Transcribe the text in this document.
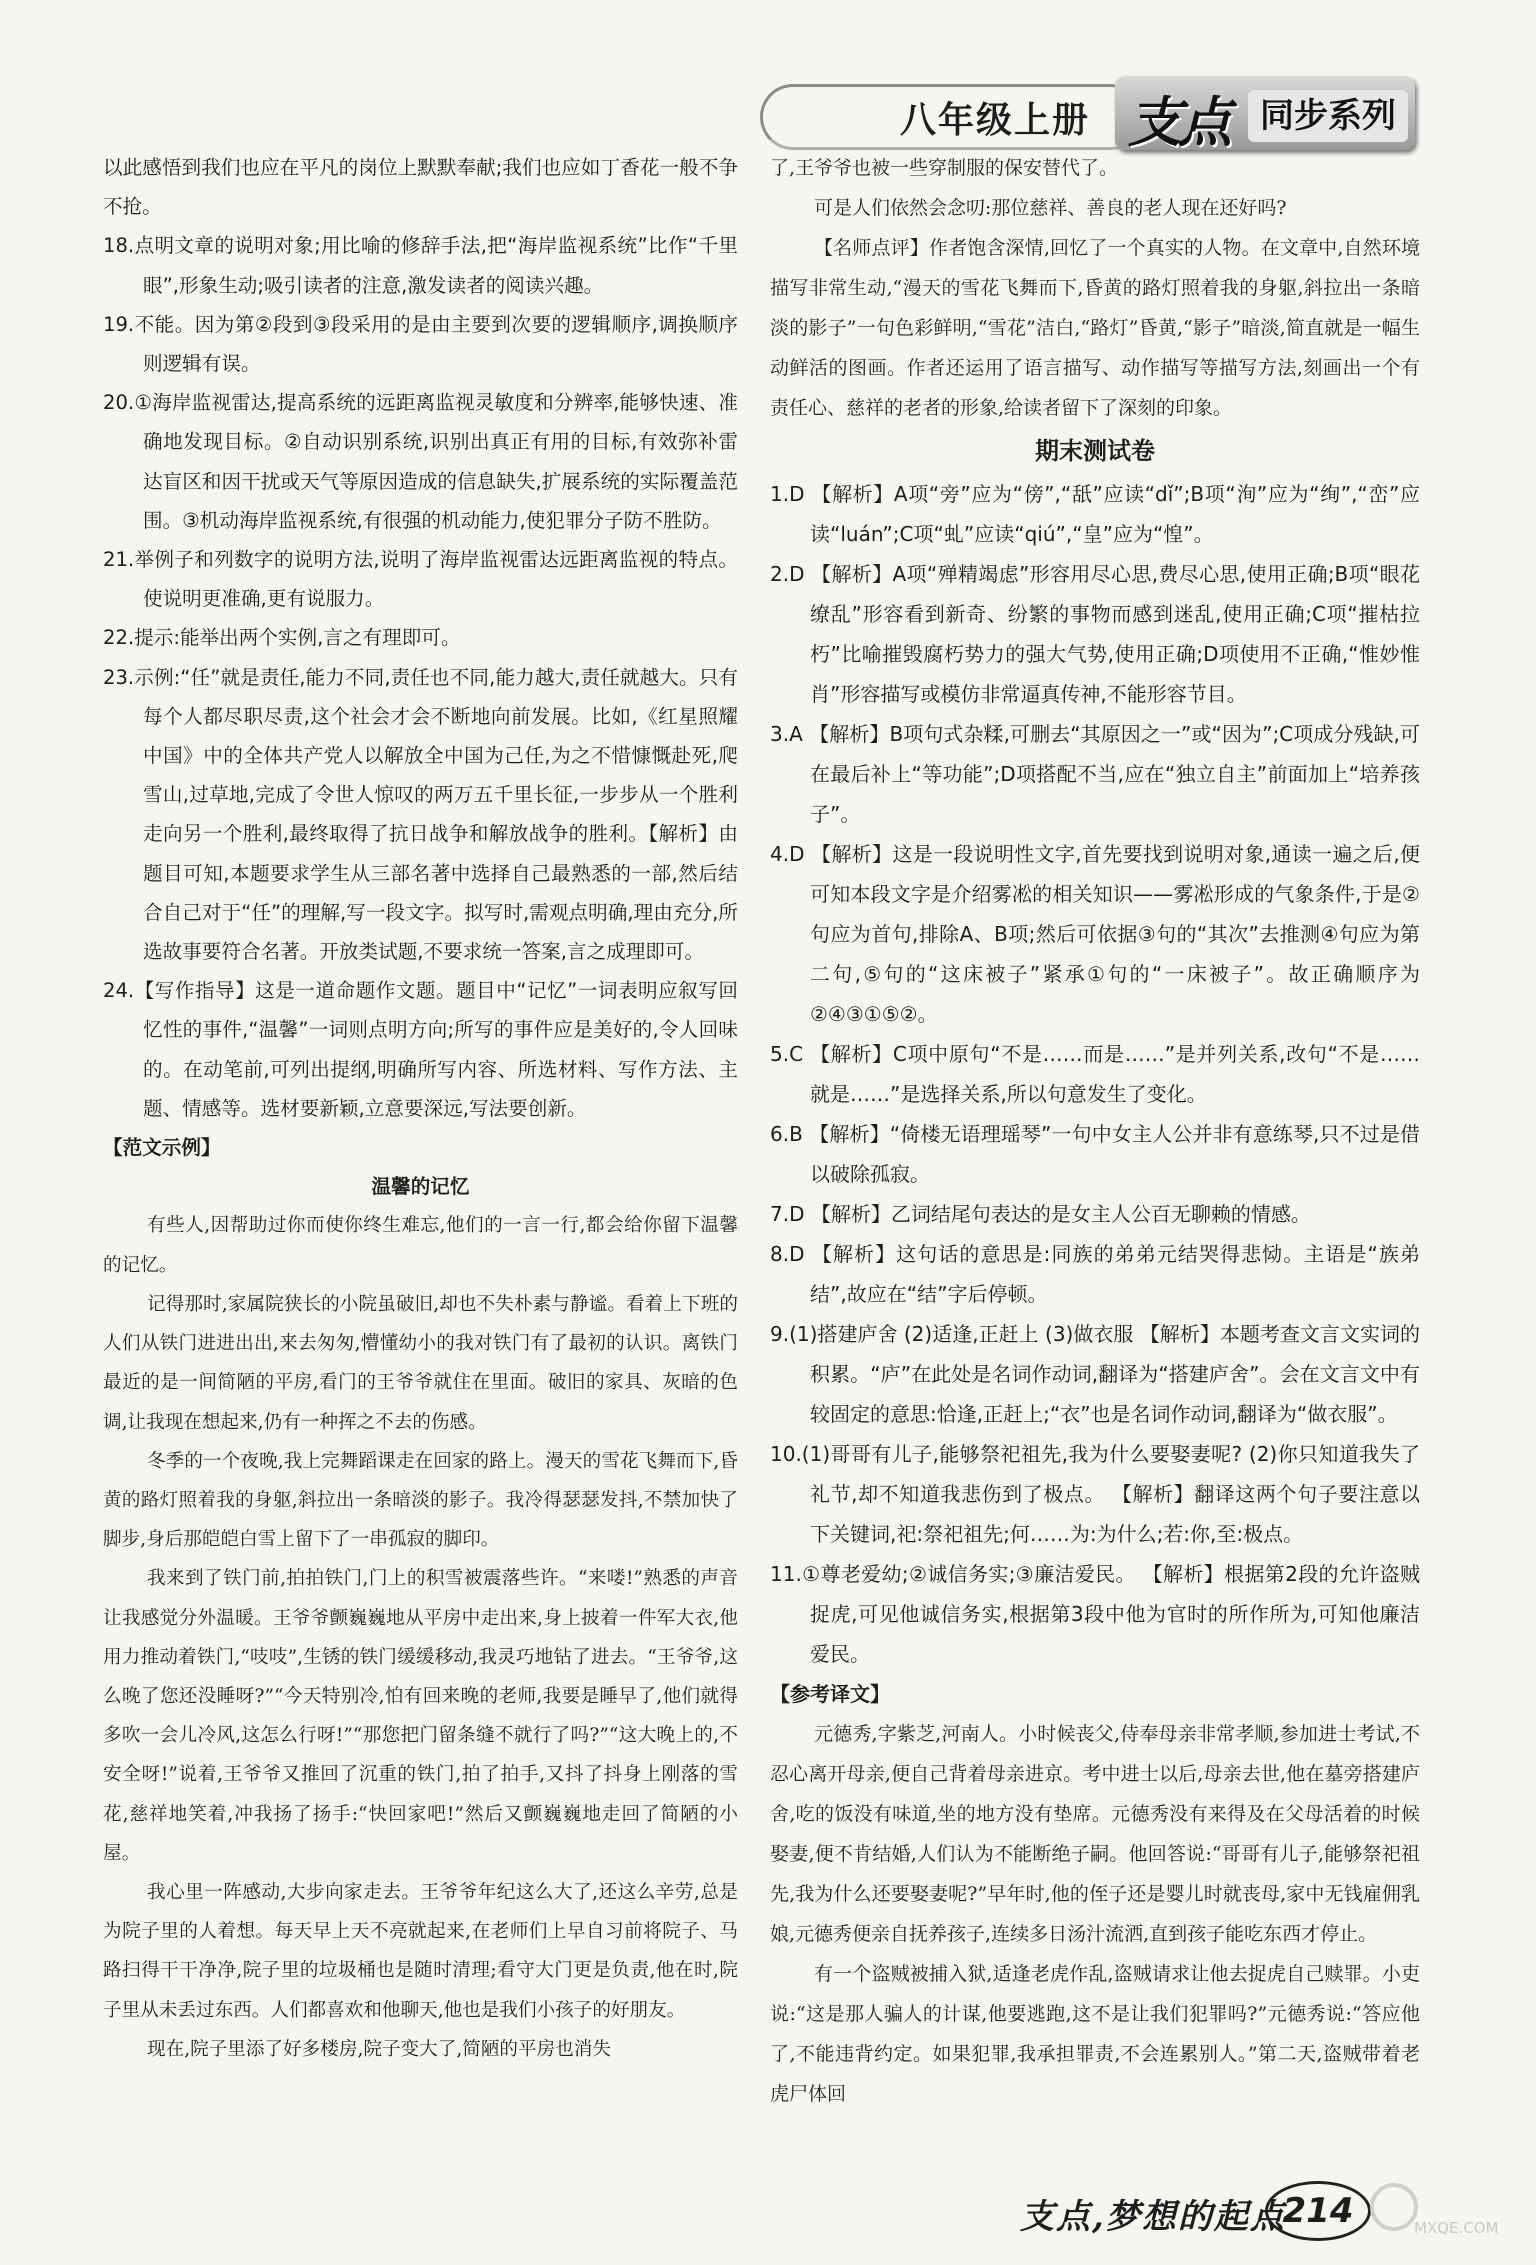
八年级上册 支点 同步系列

以此感悟到我们也应在平凡的岗位上默默奉献;我们也应如丁香花一般不争不抢。

18.点明文章的说明对象;用比喻的修辞手法,把“海岸监视系统”比作“千里眼”,形象生动;吸引读者的注意,激发读者的阅读兴趣。

19.不能。因为第②段到③段采用的是由主要到次要的逻辑顺序,调换顺序则逻辑有误。

20.①海岸监视雷达,提高系统的远距离监视灵敏度和分辨率,能够快速、准确地发现目标。②自动识别系统,识别出真正有用的目标,有效弥补雷达盲区和因干扰或天气等原因造成的信息缺失,扩展系统的实际覆盖范围。③机动海岸监视系统,有很强的机动能力,使犯罪分子防不胜防。

21.举例子和列数字的说明方法,说明了海岸监视雷达远距离监视的特点。使说明更准确,更有说服力。

22.提示:能举出两个实例,言之有理即可。

23.示例:“任”就是责任,能力不同,责任也不同,能力越大,责任就越大。只有每个人都尽职尽责,这个社会才会不断地向前发展。比如,《红星照耀中国》中的全体共产党人以解放全中国为己任,为之不惜慷慨赴死,爬雪山,过草地,完成了令世人惊叹的两万五千里长征,一步步从一个胜利走向另一个胜利,最终取得了抗日战争和解放战争的胜利。【解析】由题目可知,本题要求学生从三部名著中选择自己最熟悉的一部,然后结合自己对于“任”的理解,写一段文字。拟写时,需观点明确,理由充分,所选故事要符合名著。开放类试题,不要求统一答案,言之成理即可。

24.【写作指导】这是一道命题作文题。题目中“记忆”一词表明应叙写回忆性的事件,“温馨”一词则点明方向;所写的事件应是美好的,令人回味的。在动笔前,可列出提纲,明确所写内容、所选材料、写作方法、主题、情感等。选材要新颖,立意要深远,写法要创新。

【范文示例】

温馨的记忆

有些人,因帮助过你而使你终生难忘,他们的一言一行,都会给你留下温馨的记忆。

记得那时,家属院狭长的小院虽破旧,却也不失朴素与静谧。看着上下班的人们从铁门进进出出,来去匆匆,懵懂幼小的我对铁门有了最初的认识。离铁门最近的是一间简陋的平房,看门的王爷爷就住在里面。破旧的家具、灰暗的色调,让我现在想起来,仍有一种挥之不去的伤感。

冬季的一个夜晚,我上完舞蹈课走在回家的路上。漫天的雪花飞舞而下,昏黄的路灯照着我的身躯,斜拉出一条暗淡的影子。我冷得瑟瑟发抖,不禁加快了脚步,身后那皑皑白雪上留下了一串孤寂的脚印。

我来到了铁门前,拍拍铁门,门上的积雪被震落些许。“来喽!”熟悉的声音让我感觉分外温暖。王爷爷颤巍巍地从平房中走出来,身上披着一件军大衣,他用力推动着铁门,“吱吱”,生锈的铁门缓缓移动,我灵巧地钻了进去。“王爷爷,这么晚了您还没睡呀?”“今天特别冷,怕有回来晚的老师,我要是睡早了,他们就得多吹一会儿冷风,这怎么行呀!”“那您把门留条缝不就行了吗?”“这大晚上的,不安全呀!”说着,王爷爷又推回了沉重的铁门,拍了拍手,又抖了抖身上刚落的雪花,慈祥地笑着,冲我扬了扬手:“快回家吧!”然后又颤巍巍地走回了简陋的小屋。

我心里一阵感动,大步向家走去。王爷爷年纪这么大了,还这么辛劳,总是为院子里的人着想。每天早上天不亮就起来,在老师们上早自习前将院子、马路扫得干干净净,院子里的垃圾桶也是随时清理;看守大门更是负责,他在时,院子里从未丢过东西。人们都喜欢和他聊天,他也是我们小孩子的好朋友。

现在,院子里添了好多楼房,院子变大了,简陋的平房也消失

了,王爷爷也被一些穿制服的保安替代了。

可是人们依然会念叨:那位慈祥、善良的老人现在还好吗?

【名师点评】作者饱含深情,回忆了一个真实的人物。在文章中,自然环境描写非常生动,“漫天的雪花飞舞而下,昏黄的路灯照着我的身躯,斜拉出一条暗淡的影子”一句色彩鲜明,“雪花”洁白,“路灯”昏黄,“影子”暗淡,简直就是一幅生动鲜活的图画。作者还运用了语言描写、动作描写等描写方法,刻画出一个有责任心、慈祥的老者的形象,给读者留下了深刻的印象。

期末测试卷

1.D 【解析】A项“旁”应为“傍”,“舐”应读“dǐ”;B项“洵”应为“绚”,“峦”应读“luán”;C项“虬”应读“qiú”,“皇”应为“惶”。

2.D 【解析】A项“殚精竭虑”形容用尽心思,费尽心思,使用正确;B项“眼花缭乱”形容看到新奇、纷繁的事物而感到迷乱,使用正确;C项“摧枯拉朽”比喻摧毁腐朽势力的强大气势,使用正确;D项使用不正确,“惟妙惟肖”形容描写或模仿非常逼真传神,不能形容节目。

3.A 【解析】B项句式杂糅,可删去“其原因之一”或“因为”;C项成分残缺,可在最后补上“等功能”;D项搭配不当,应在“独立自主”前面加上“培养孩子”。

4.D 【解析】这是一段说明性文字,首先要找到说明对象,通读一遍之后,便可知本段文字是介绍雾凇的相关知识——雾凇形成的气象条件,于是②句应为首句,排除A、B项;然后可依据③句的“其次”去推测④句应为第二句,⑤句的“这床被子”紧承①句的“一床被子”。故正确顺序为②④③①⑤②。

5.C 【解析】C项中原句“不是……而是……”是并列关系,改句“不是……就是……”是选择关系,所以句意发生了变化。

6.B 【解析】“倚楼无语理瑶琴”一句中女主人公并非有意练琴,只不过是借以破除孤寂。

7.D 【解析】乙词结尾句表达的是女主人公百无聊赖的情感。

8.D 【解析】这句话的意思是:同族的弟弟元结哭得悲恸。主语是“族弟结”,故应在“结”字后停顿。

9.(1)搭建庐舍 (2)适逢,正赶上 (3)做衣服 【解析】本题考查文言文实词的积累。“庐”在此处是名词作动词,翻译为“搭建庐舍”。会在文言文中有较固定的意思:恰逢,正赶上;“衣”也是名词作动词,翻译为“做衣服”。

10.(1)哥哥有儿子,能够祭祀祖先,我为什么要娶妻呢? (2)你只知道我失了礼节,却不知道我悲伤到了极点。 【解析】翻译这两个句子要注意以下关键词,祀:祭祀祖先;何……为:为什么;若:你,至:极点。

11.①尊老爱幼;②诚信务实;③廉洁爱民。 【解析】根据第2段的允许盗贼捉虎,可见他诚信务实,根据第3段中他为官时的所作所为,可知他廉洁爱民。

【参考译文】

元德秀,字紫芝,河南人。小时候丧父,侍奉母亲非常孝顺,参加进士考试,不忍心离开母亲,便自己背着母亲进京。考中进士以后,母亲去世,他在墓旁搭建庐舍,吃的饭没有味道,坐的地方没有垫席。元德秀没有来得及在父母活着的时候娶妻,便不肯结婚,人们认为不能断绝子嗣。他回答说:“哥哥有儿子,能够祭祀祖先,我为什么还要娶妻呢?”早年时,他的侄子还是婴儿时就丧母,家中无钱雇佣乳娘,元德秀便亲自抚养孩子,连续多日汤汁流洒,直到孩子能吃东西才停止。

有一个盗贼被捕入狱,适逢老虎作乱,盗贼请求让他去捉虎自己赎罪。小吏说:“这是那人骗人的计谋,他要逃跑,这不是让我们犯罪吗?”元德秀说:“答应他了,不能违背约定。如果犯罪,我承担罪责,不会连累别人。”第二天,盗贼带着老虎尸体回

支点,梦想的起点
214	MXQE.COM
